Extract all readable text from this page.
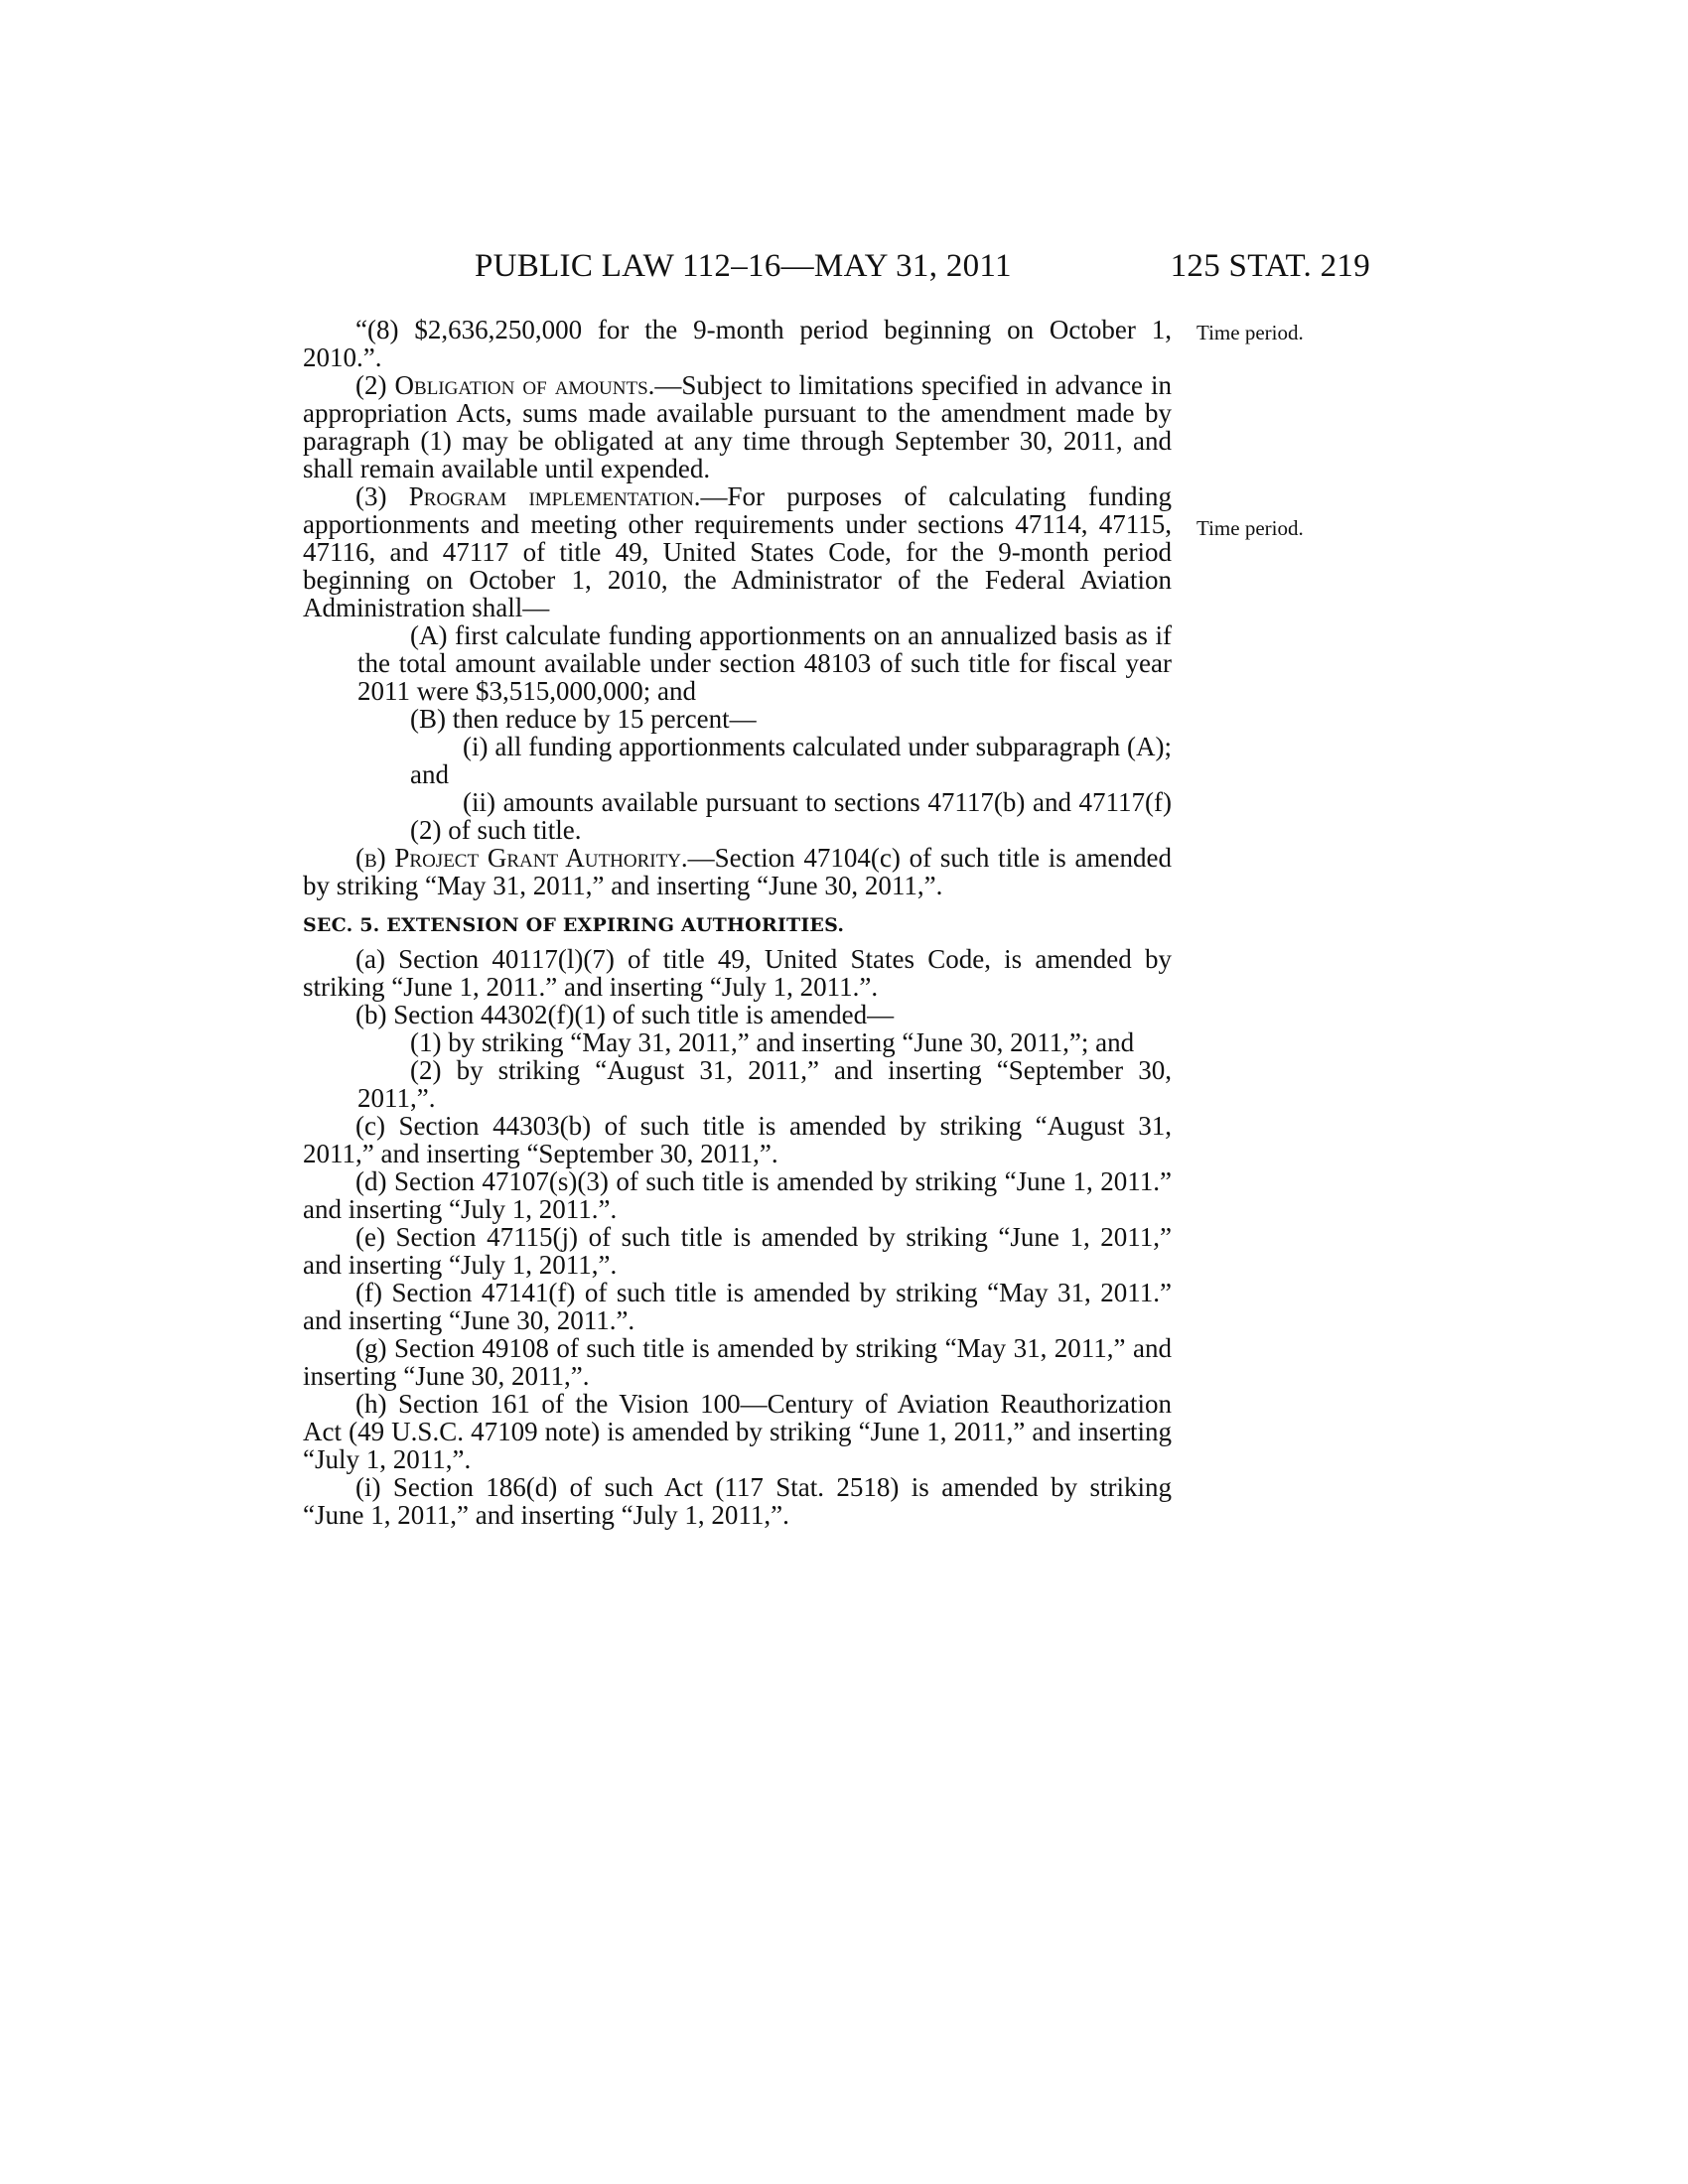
PUBLIC LAW 112–16—MAY 31, 2011	125 STAT. 219
Time period.
Time period.

“(8) $2,636,250,000 for the 9-month period beginning on October 1, 2010.”.

(2) Obligation of amounts.—Subject to limitations specified in advance in appropriation Acts, sums made available pursuant to the amendment made by paragraph (1) may be obligated at any time through September 30, 2011, and shall remain available until expended.

(3) Program implementation.—For purposes of calculating funding apportionments and meeting other requirements under sections 47114, 47115, 47116, and 47117 of title 49, United States Code, for the 9-month period beginning on October 1, 2010, the Administrator of the Federal Aviation Administration shall—

(A) first calculate funding apportionments on an annualized basis as if the total amount available under section 48103 of such title for fiscal year 2011 were $3,515,000,000; and

(B) then reduce by 15 percent—

(i) all funding apportionments calculated under subparagraph (A); and

(ii) amounts available pursuant to sections 47117(b) and 47117(f)(2) of such title.

(b) Project Grant Authority.—Section 47104(c) of such title is amended by striking “May 31, 2011,” and inserting “June 30, 2011,”.

SEC. 5. EXTENSION OF EXPIRING AUTHORITIES.

(a) Section 40117(l)(7) of title 49, United States Code, is amended by striking “June 1, 2011.” and inserting “July 1, 2011.”.

(b) Section 44302(f)(1) of such title is amended—

(1) by striking “May 31, 2011,” and inserting “June 30, 2011,”; and

(2) by striking “August 31, 2011,” and inserting “September 30, 2011,”.

(c) Section 44303(b) of such title is amended by striking “August 31, 2011,” and inserting “September 30, 2011,”.

(d) Section 47107(s)(3) of such title is amended by striking “June 1, 2011.” and inserting “July 1, 2011.”.

(e) Section 47115(j) of such title is amended by striking “June 1, 2011,” and inserting “July 1, 2011,”.

(f) Section 47141(f) of such title is amended by striking “May 31, 2011.” and inserting “June 30, 2011.”.

(g) Section 49108 of such title is amended by striking “May 31, 2011,” and inserting “June 30, 2011,”.

(h) Section 161 of the Vision 100—Century of Aviation Reauthorization Act (49 U.S.C. 47109 note) is amended by striking “June 1, 2011,” and inserting “July 1, 2011,”.

(i) Section 186(d) of such Act (117 Stat. 2518) is amended by striking “June 1, 2011,” and inserting “July 1, 2011,”.
